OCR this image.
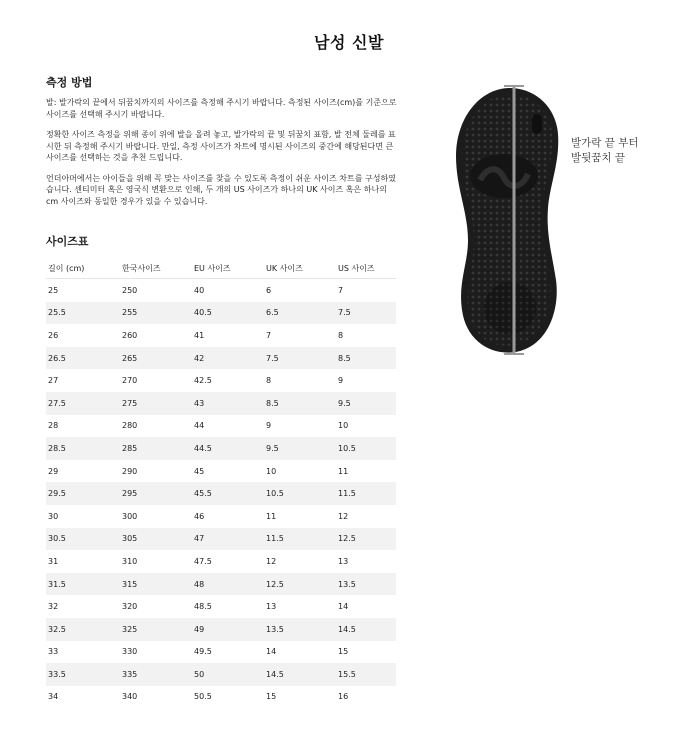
남성 신발
측정 방법

발: 발가락의 끝에서 뒤꿈치까지의 사이즈를 측정해 주시기 바랍니다. 측정된 사이즈(cm)를 기준으로 사이즈를 선택해 주시기 바랍니다.

정확한 사이즈 측정을 위해 종이 위에 발을 올려 놓고, 발가락의 끝 및 뒤꿈치 표함, 발 전체 둘레를 표시한 뒤 측정해 주시기 바랍니다. 만일, 측정 사이즈가 차트에 명시된 사이즈의 중간에 해당된다면 큰 사이즈를 선택하는 것을 추천 드립니다.

언더아머에서는 아이들을 위해 꼭 맞는 사이즈를 찾을 수 있도록 측정이 쉬운 사이즈 차트를 구성하였습니다. 센티미터 혹은 영국식 변환으로 인해, 두 개의 US 사이즈가 하나의 UK 사이즈 혹은 하나의 cm 사이즈와 동일한 경우가 있을 수 있습니다.

사이즈표
길이 (cm)	한국사이즈	EU 사이즈	UK 사이즈	US 사이즈
25	250	40	6	7
25.5	255	40.5	6.5	7.5
26	260	41	7	8
26.5	265	42	7.5	8.5
27	270	42.5	8	9
27.5	275	43	8.5	9.5
28	280	44	9	10
28.5	285	44.5	9.5	10.5
29	290	45	10	11
29.5	295	45.5	10.5	11.5
30	300	46	11	12
30.5	305	47	11.5	12.5
31	310	47.5	12	13
31.5	315	48	12.5	13.5
32	320	48.5	13	14
32.5	325	49	13.5	14.5
33	330	49.5	14	15
33.5	335	50	14.5	15.5
34	340	50.5	15	16
발가락 끝 부터
발뒷꿈치 끝
